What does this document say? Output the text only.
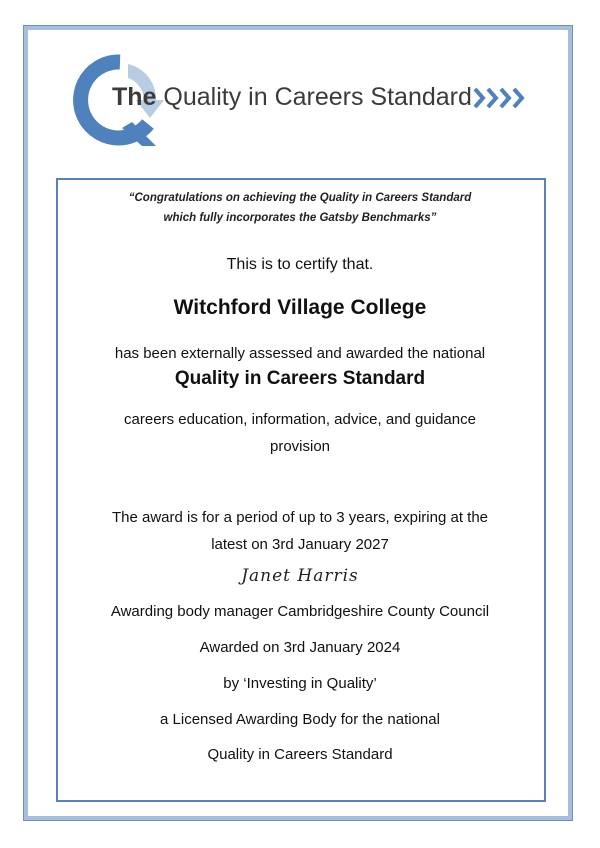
The Quality in Careers Standard
“Congratulations on achieving the Quality in Careers Standard
which fully incorporates the Gatsby Benchmarks”
This is to certify that.
Witchford Village College
has been externally assessed and awarded the national
Quality in Careers Standard
careers education, information, advice, and guidance
provision
The award is for a period of up to 3 years, expiring at the
latest on 3rd January 2027
Janet Harris
Awarding body manager Cambridgeshire County Council
Awarded on 3rd January 2024
by ‘Investing in Quality’
a Licensed Awarding Body for the national
Quality in Careers Standard
